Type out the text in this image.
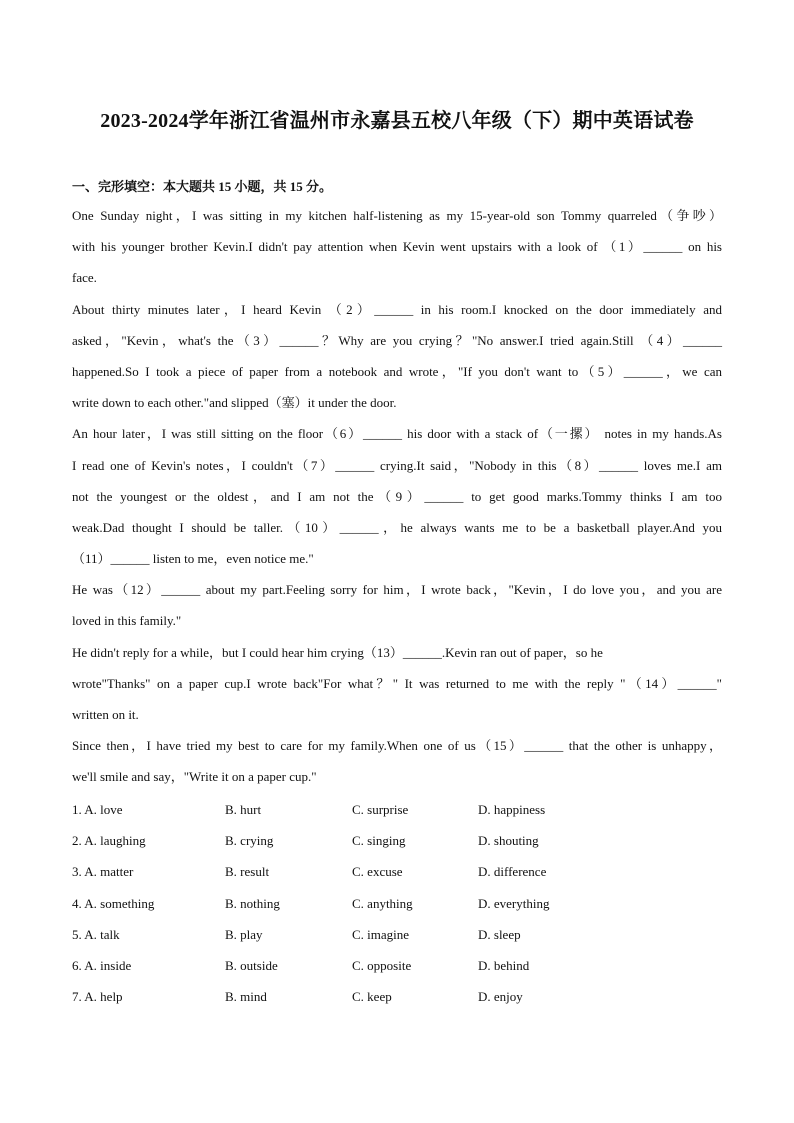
2023-2024学年浙江省温州市永嘉县五校八年级（下）期中英语试卷
一、完形填空：本大题共 15 小题，共 15 分。
One Sunday night，I was sitting in my kitchen half-listening as my 15-year-old son Tommy quarreled（争吵）
with his younger brother Kevin.I didn't pay attention when Kevin went upstairs with a look of （1）______ on his
face.
About thirty minutes later，I heard Kevin （2）______ in his room.I knocked on the door immediately and
asked，"Kevin，what's the（3）______？Why are you crying？"No answer.I tried again.Still （4）______
happened.So I took a piece of paper from a notebook and wrote，"If you don't want to（5）______，we can
write down to each other."and slipped（塞）it under the door.
An hour later，I was still sitting on the floor（6）______ his door with a stack of（一摞） notes in my hands.As
I read one of Kevin's notes，I couldn't（7）______ crying.It said，"Nobody in this（8）______ loves me.I am
not the youngest or the oldest，and I am not the（9）______ to get good marks.Tommy thinks I am too
weak.Dad thought I should be taller.（10）______，he always wants me to be a basketball player.And you
（11）______ listen to me，even notice me."
He was（12）______ about my part.Feeling sorry for him，I wrote back，"Kevin，I do love you，and you are
loved in this family."
He didn't reply for a while，but I could hear him crying（13）______.Kevin ran out of paper，so he
wrote"Thanks" on a paper cup.I wrote back"For what？" It was returned to me with the reply "（14）______"
written on it.
Since then，I have tried my best to care for my family.When one of us（15）______ that the other is unhappy，
we'll smile and say，"Write it on a paper cup."
1. A. love	B. hurt	C. surprise	D. happiness
2. A. laughing	B. crying	C. singing	D. shouting
3. A. matter	B. result	C. excuse	D. difference
4. A. something	B. nothing	C. anything	D. everything
5. A. talk	B. play	C. imagine	D. sleep
6. A. inside	B. outside	C. opposite	D. behind
7. A. help	B. mind	C. keep	D. enjoy
